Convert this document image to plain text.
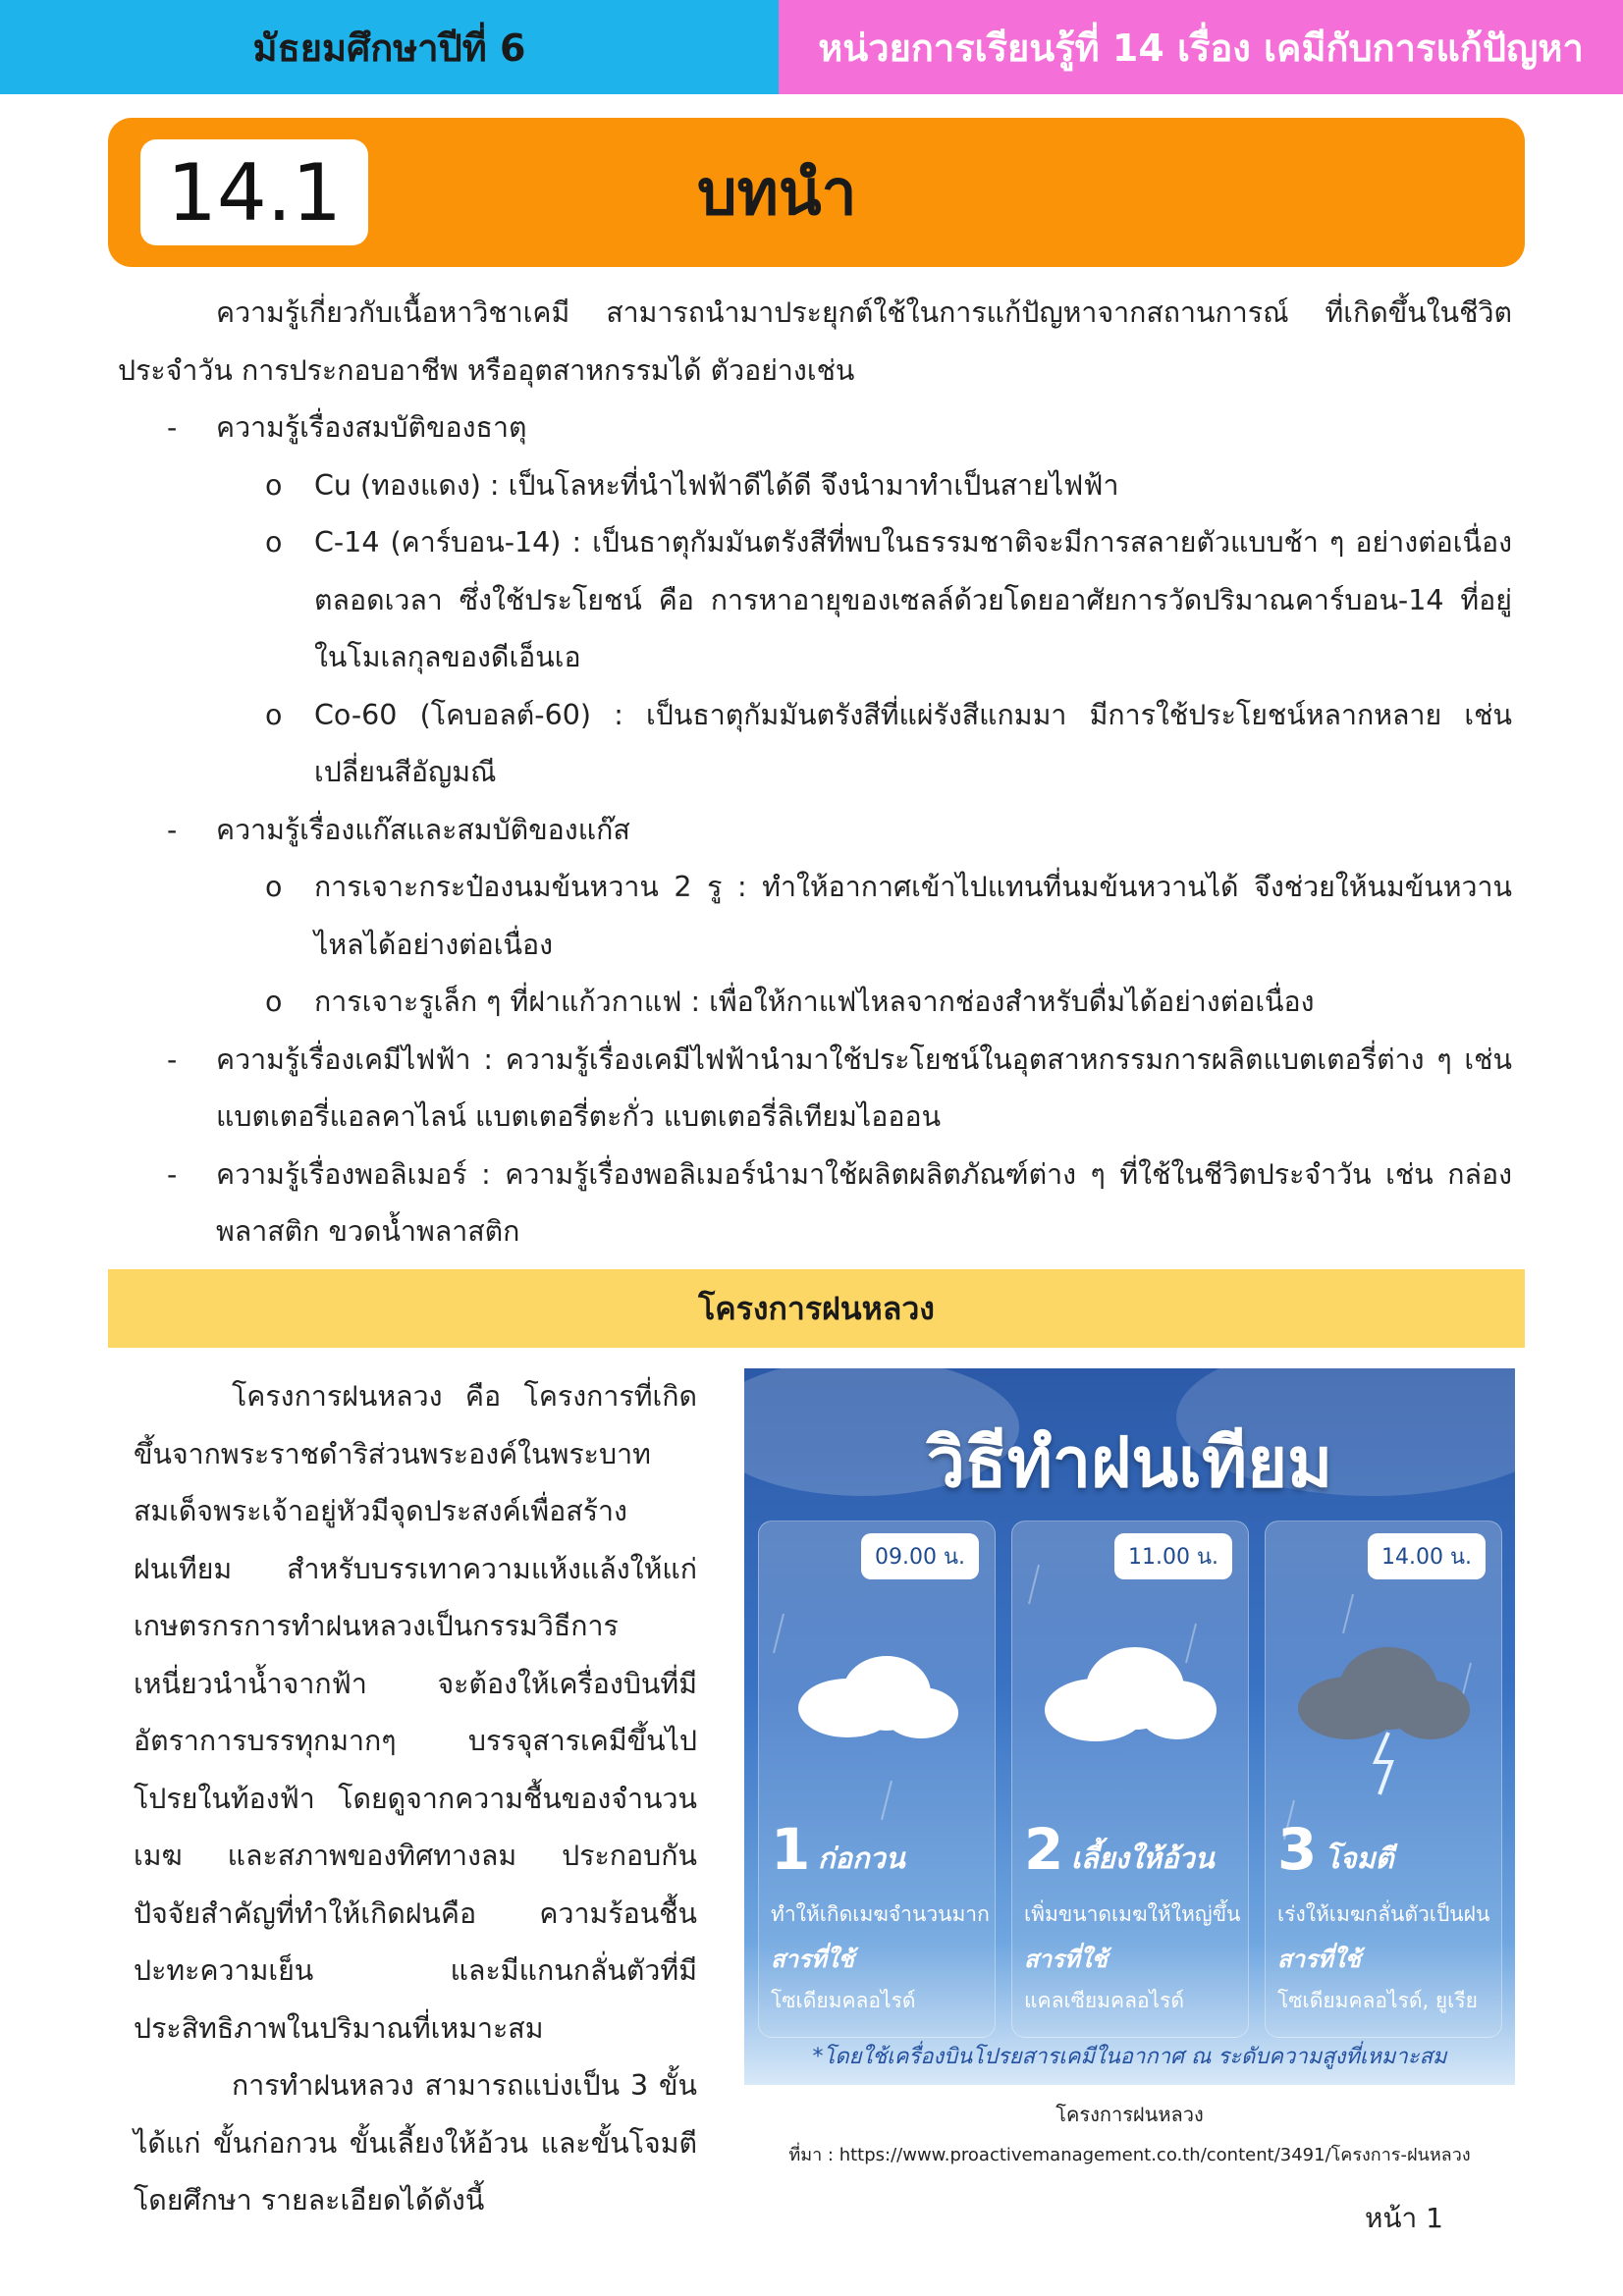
มัธยมศึกษาปีที่ 6	หน่วยการเรียนรู้ที่ 14 เรื่อง เคมีกับการแก้ปัญหา
14.1	บทนำ

ความรู้เกี่ยวกับเนื้อหาวิชาเคมี สามารถนำมาประยุกต์ใช้ในการแก้ปัญหาจากสถานการณ์ ที่เกิดขึ้นในชีวิตประจำวัน การประกอบอาชีพ หรืออุตสาหกรรมได้ ตัวอย่างเช่น

- ความรู้เรื่องสมบัติของธาตุ
o Cu (ทองแดง) : เป็นโลหะที่นำไฟฟ้าดีได้ดี จึงนำมาทำเป็นสายไฟฟ้า
o C-14 (คาร์บอน-14) : เป็นธาตุกัมมันตรังสีที่พบในธรรมชาติจะมีการสลายตัวแบบช้า ๆ อย่างต่อเนื่องตลอดเวลา ซึ่งใช้ประโยชน์ คือ การหาอายุของเซลล์ด้วยโดยอาศัยการวัดปริมาณคาร์บอน-14 ที่อยู่ในโมเลกุลของดีเอ็นเอ
o Co-60 (โคบอลต์-60) : เป็นธาตุกัมมันตรังสีที่แผ่รังสีแกมมา มีการใช้ประโยชน์หลากหลาย เช่น เปลี่ยนสีอัญมณี
- ความรู้เรื่องแก๊สและสมบัติของแก๊ส
o การเจาะกระป๋องนมข้นหวาน 2 รู : ทำให้อากาศเข้าไปแทนที่นมข้นหวานได้ จึงช่วยให้นมข้นหวานไหลได้อย่างต่อเนื่อง
o การเจาะรูเล็ก ๆ ที่ฝาแก้วกาแฟ : เพื่อให้กาแฟไหลจากช่องสำหรับดื่มได้อย่างต่อเนื่อง
- ความรู้เรื่องเคมีไฟฟ้า : ความรู้เรื่องเคมีไฟฟ้านำมาใช้ประโยชน์ในอุตสาหกรรมการผลิตแบตเตอรี่ต่าง ๆ เช่น แบตเตอรี่แอลคาไลน์ แบตเตอรี่ตะกั่ว แบตเตอรี่ลิเทียมไอออน
- ความรู้เรื่องพอลิเมอร์ : ความรู้เรื่องพอลิเมอร์นำมาใช้ผลิตผลิตภัณฑ์ต่าง ๆ ที่ใช้ในชีวิตประจำวัน เช่น กล่องพลาสติก ขวดน้ำพลาสติก
โครงการฝนหลวง

โครงการฝนหลวง คือ โครงการที่เกิดขึ้นจากพระราชดำริส่วนพระองค์ในพระบาทสมเด็จพระเจ้าอยู่หัวมีจุดประสงค์เพื่อสร้างฝนเทียม สำหรับบรรเทาความแห้งแล้งให้แก่เกษตรกรการทำฝนหลวงเป็นกรรมวิธีการเหนี่ยวนำน้ำจากฟ้า จะต้องให้เครื่องบินที่มีอัตราการบรรทุกมากๆ บรรจุสารเคมีขึ้นไปโปรยในท้องฟ้า โดยดูจากความชื้นของจำนวนเมฆ และสภาพของทิศทางลม ประกอบกัน ปัจจัยสำคัญที่ทำให้เกิดฝนคือ ความร้อนชื้นปะทะความเย็น และมีแกนกลั่นตัวที่มีประสิทธิภาพในปริมาณที่เหมาะสม

การทำฝนหลวง สามารถแบ่งเป็น 3 ขั้น ได้แก่ ขั้นก่อกวน ขั้นเลี้ยงให้อ้วน และขั้นโจมตี โดยศึกษา รายละเอียดได้ดังนี้

วิธีทำฝนเทียม
09.00 น.
1 ก่อกวน
ทำให้เกิดเมฆจำนวนมาก
สารที่ใช้
โซเดียมคลอไรด์
11.00 น.
2 เลี้ยงให้อ้วน
เพิ่มขนาดเมฆให้ใหญ่ขึ้น
สารที่ใช้
แคลเซียมคลอไรด์
14.00 น.
3 โจมตี
เร่งให้เมฆกลั่นตัวเป็นฝน
สารที่ใช้
โซเดียมคลอไรด์, ยูเรีย
*โดยใช้เครื่องบินโปรยสารเคมีในอากาศ ณ ระดับความสูงที่เหมาะสม
โครงการฝนหลวง
ที่มา : https://www.proactivemanagement.co.th/content/3491/โครงการ-ฝนหลวง
หน้า 1
